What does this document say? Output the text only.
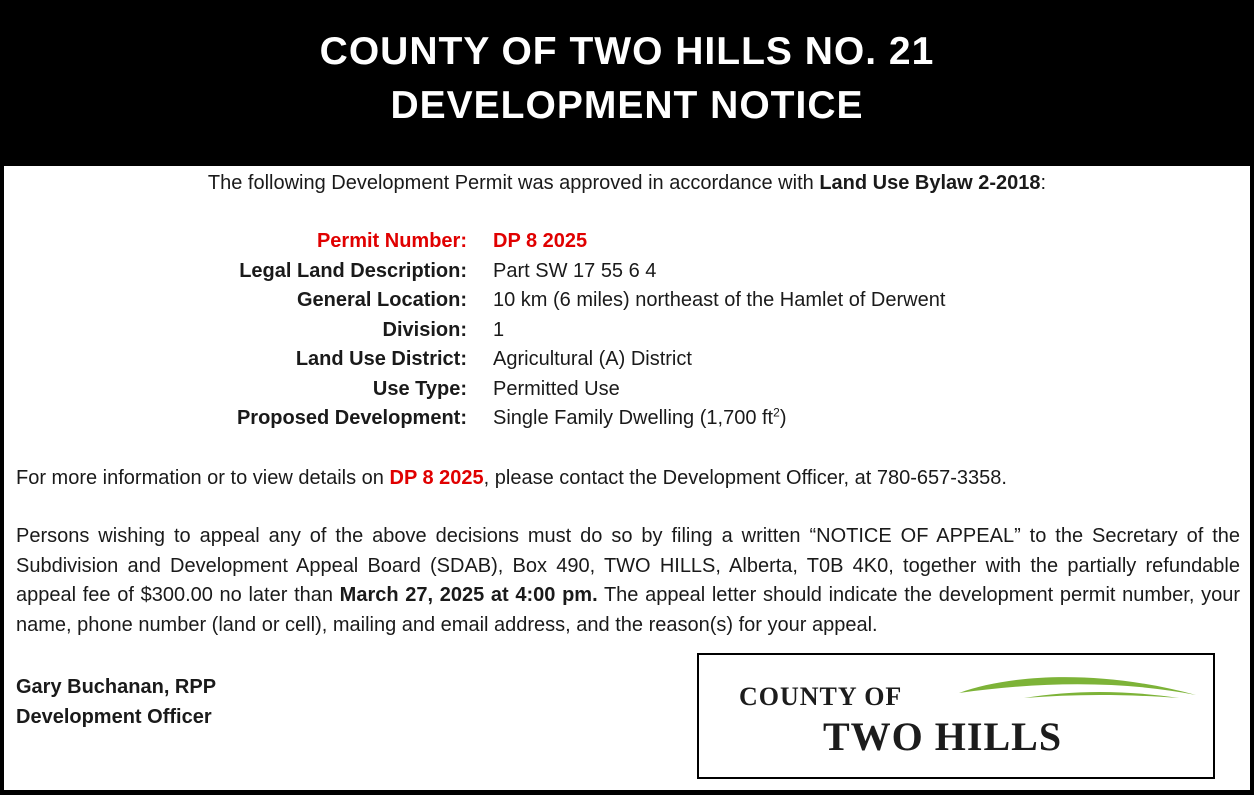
COUNTY OF TWO HILLS NO. 21
DEVELOPMENT NOTICE
The following Development Permit was approved in accordance with Land Use Bylaw 2-2018:
Permit Number: DP 8 2025
Legal Land Description: Part SW 17 55 6 4
General Location: 10 km (6 miles) northeast of the Hamlet of Derwent
Division: 1
Land Use District: Agricultural (A) District
Use Type: Permitted Use
Proposed Development: Single Family Dwelling (1,700 $ft^2$)
For more information or to view details on DP 8 2025, please contact the Development Officer, at 780-657-3358.
Persons wishing to appeal any of the above decisions must do so by filing a written “NOTICE OF APPEAL” to the Secretary of the Subdivision and Development Appeal Board (SDAB), Box 490, TWO HILLS, Alberta, T0B 4K0, together with the partially refundable appeal fee of $300.00 no later than March 27, 2025 at 4:00 pm. The appeal letter should indicate the development permit number, your name, phone number (land or cell), mailing and email address, and the reason(s) for your appeal.
Gary Buchanan, RPP
Development Officer
COUNTY OF
TWO HILLS
